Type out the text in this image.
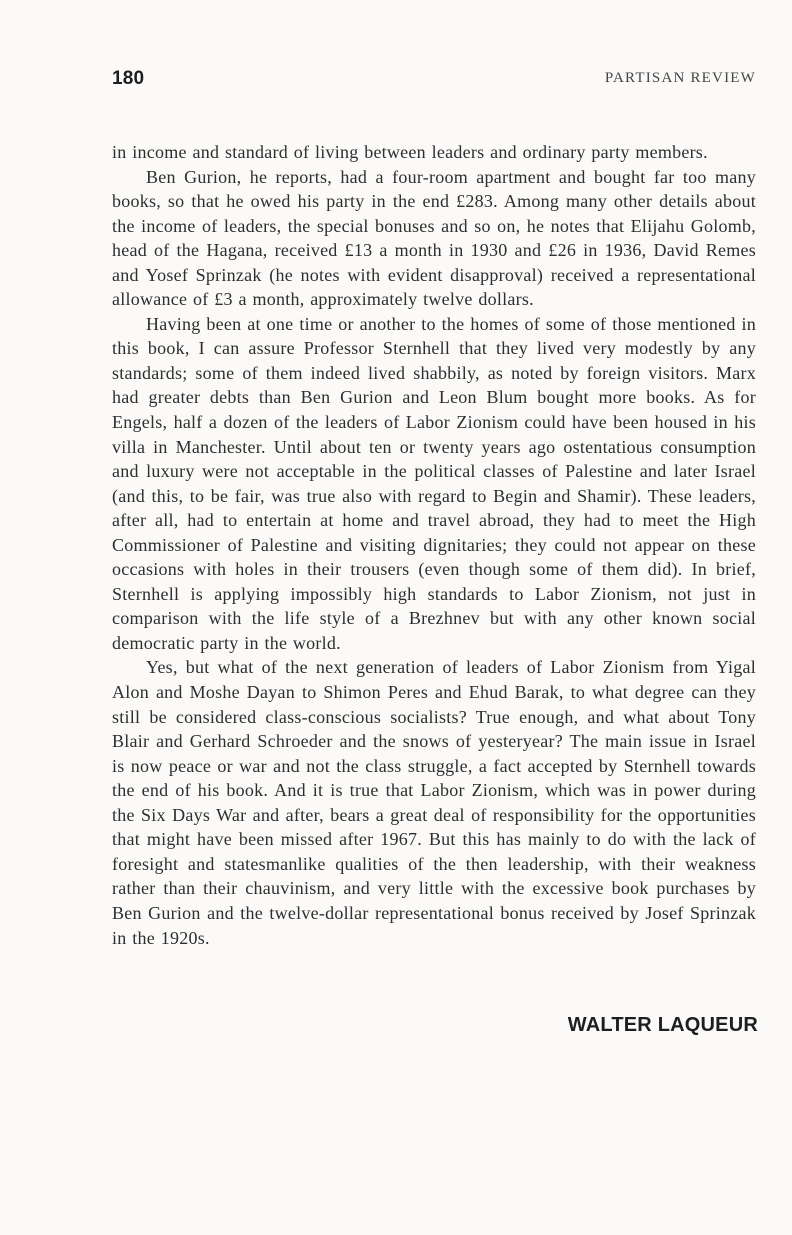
180	PARTISAN REVIEW

in income and standard of living between leaders and ordinary party members.

Ben Gurion, he reports, had a four-room apartment and bought far too many books, so that he owed his party in the end £283. Among many other details about the income of leaders, the special bonuses and so on, he notes that Elijahu Golomb, head of the Hagana, received £13 a month in 1930 and £26 in 1936, David Remes and Yosef Sprinzak (he notes with evident disapproval) received a representational allowance of £3 a month, approximately twelve dollars.

Having been at one time or another to the homes of some of those mentioned in this book, I can assure Professor Sternhell that they lived very modestly by any standards; some of them indeed lived shabbily, as noted by foreign visitors. Marx had greater debts than Ben Gurion and Leon Blum bought more books. As for Engels, half a dozen of the leaders of Labor Zionism could have been housed in his villa in Manchester. Until about ten or twenty years ago ostentatious consumption and luxury were not acceptable in the political classes of Palestine and later Israel (and this, to be fair, was true also with regard to Begin and Shamir). These leaders, after all, had to entertain at home and travel abroad, they had to meet the High Commissioner of Palestine and visiting dignitaries; they could not appear on these occasions with holes in their trousers (even though some of them did). In brief, Sternhell is applying impossibly high standards to Labor Zionism, not just in comparison with the life style of a Brezhnev but with any other known social democratic party in the world.

Yes, but what of the next generation of leaders of Labor Zionism from Yigal Alon and Moshe Dayan to Shimon Peres and Ehud Barak, to what degree can they still be considered class-conscious socialists? True enough, and what about Tony Blair and Gerhard Schroeder and the snows of yesteryear? The main issue in Israel is now peace or war and not the class struggle, a fact accepted by Sternhell towards the end of his book. And it is true that Labor Zionism, which was in power during the Six Days War and after, bears a great deal of responsibility for the opportunities that might have been missed after 1967. But this has mainly to do with the lack of foresight and statesmanlike qualities of the then leadership, with their weakness rather than their chauvinism, and very little with the excessive book purchases by Ben Gurion and the twelve-dollar representational bonus received by Josef Sprinzak in the 1920s.

WALTER LAQUEUR
